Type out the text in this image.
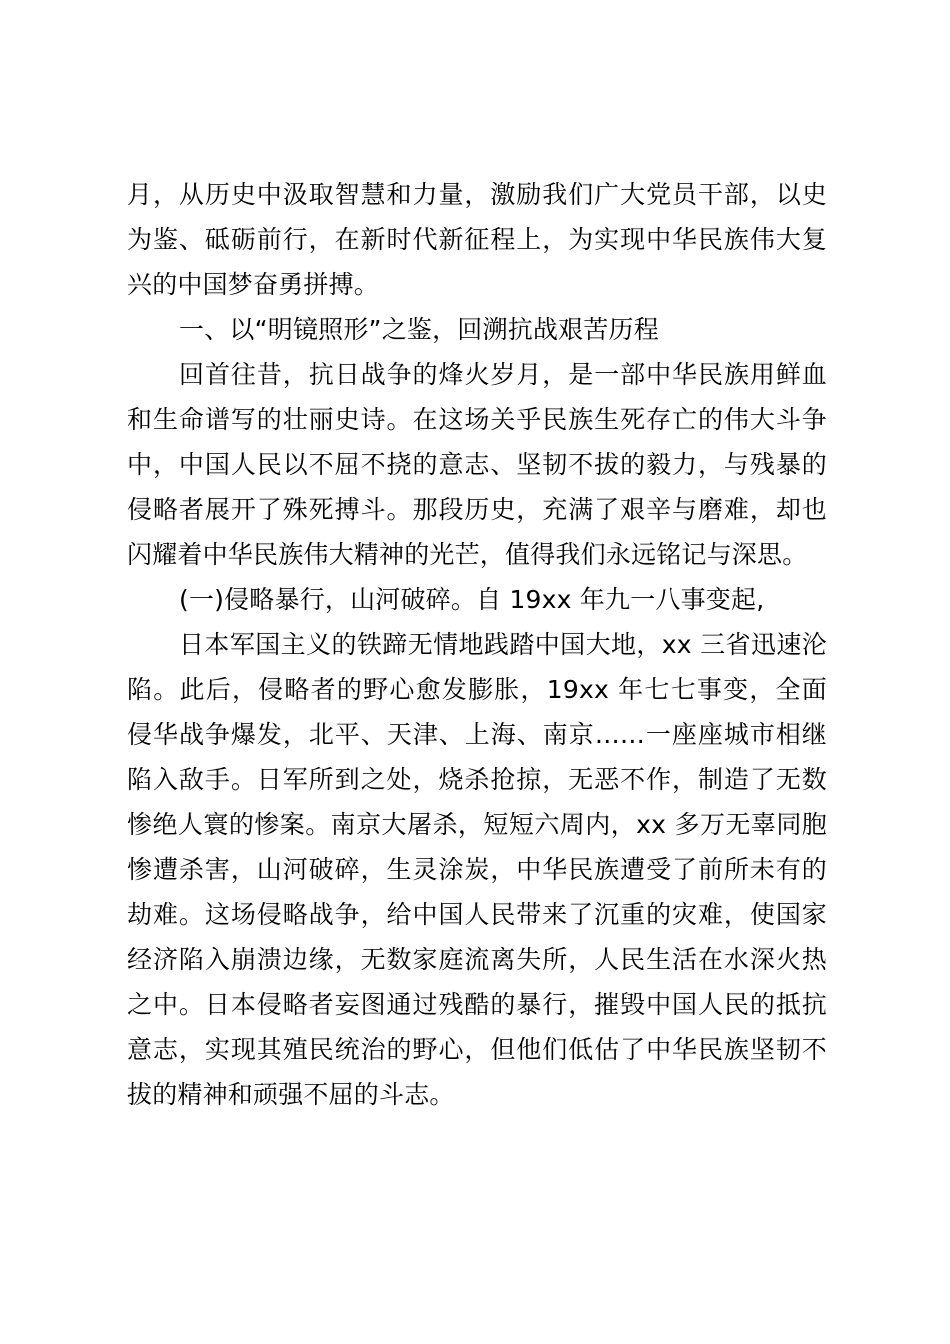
月，从历史中汲取智慧和力量，激励我们广大党员干部，以史为鉴、砥砺前行，在新时代新征程上，为实现中华民族伟大复兴的中国梦奋勇拼搏。

一、以“明镜照形”之鉴，回溯抗战艰苦历程

回首往昔，抗日战争的烽火岁月，是一部中华民族用鲜血和生命谱写的壮丽史诗。在这场关乎民族生死存亡的伟大斗争中，中国人民以不屈不挠的意志、坚韧不拔的毅力，与残暴的侵略者展开了殊死搏斗。那段历史，充满了艰辛与磨难，却也闪耀着中华民族伟大精神的光芒，值得我们永远铭记与深思。

(一)侵略暴行，山河破碎。自 19xx 年九一八事变起,

日本军国主义的铁蹄无情地践踏中国大地，xx 三省迅速沦陷。此后，侵略者的野心愈发膨胀，19xx 年七七事变，全面侵华战争爆发，北平、天津、上海、南京……一座座城市相继陷入敌手。日军所到之处，烧杀抢掠，无恶不作，制造了无数惨绝人寰的惨案。南京大屠杀，短短六周内，xx 多万无辜同胞惨遭杀害，山河破碎，生灵涂炭，中华民族遭受了前所未有的劫难。这场侵略战争，给中国人民带来了沉重的灾难，使国家经济陷入崩溃边缘，无数家庭流离失所，人民生活在水深火热之中。日本侵略者妄图通过残酷的暴行，摧毁中国人民的抵抗意志，实现其殖民统治的野心，但他们低估了中华民族坚韧不拔的精神和顽强不屈的斗志。
